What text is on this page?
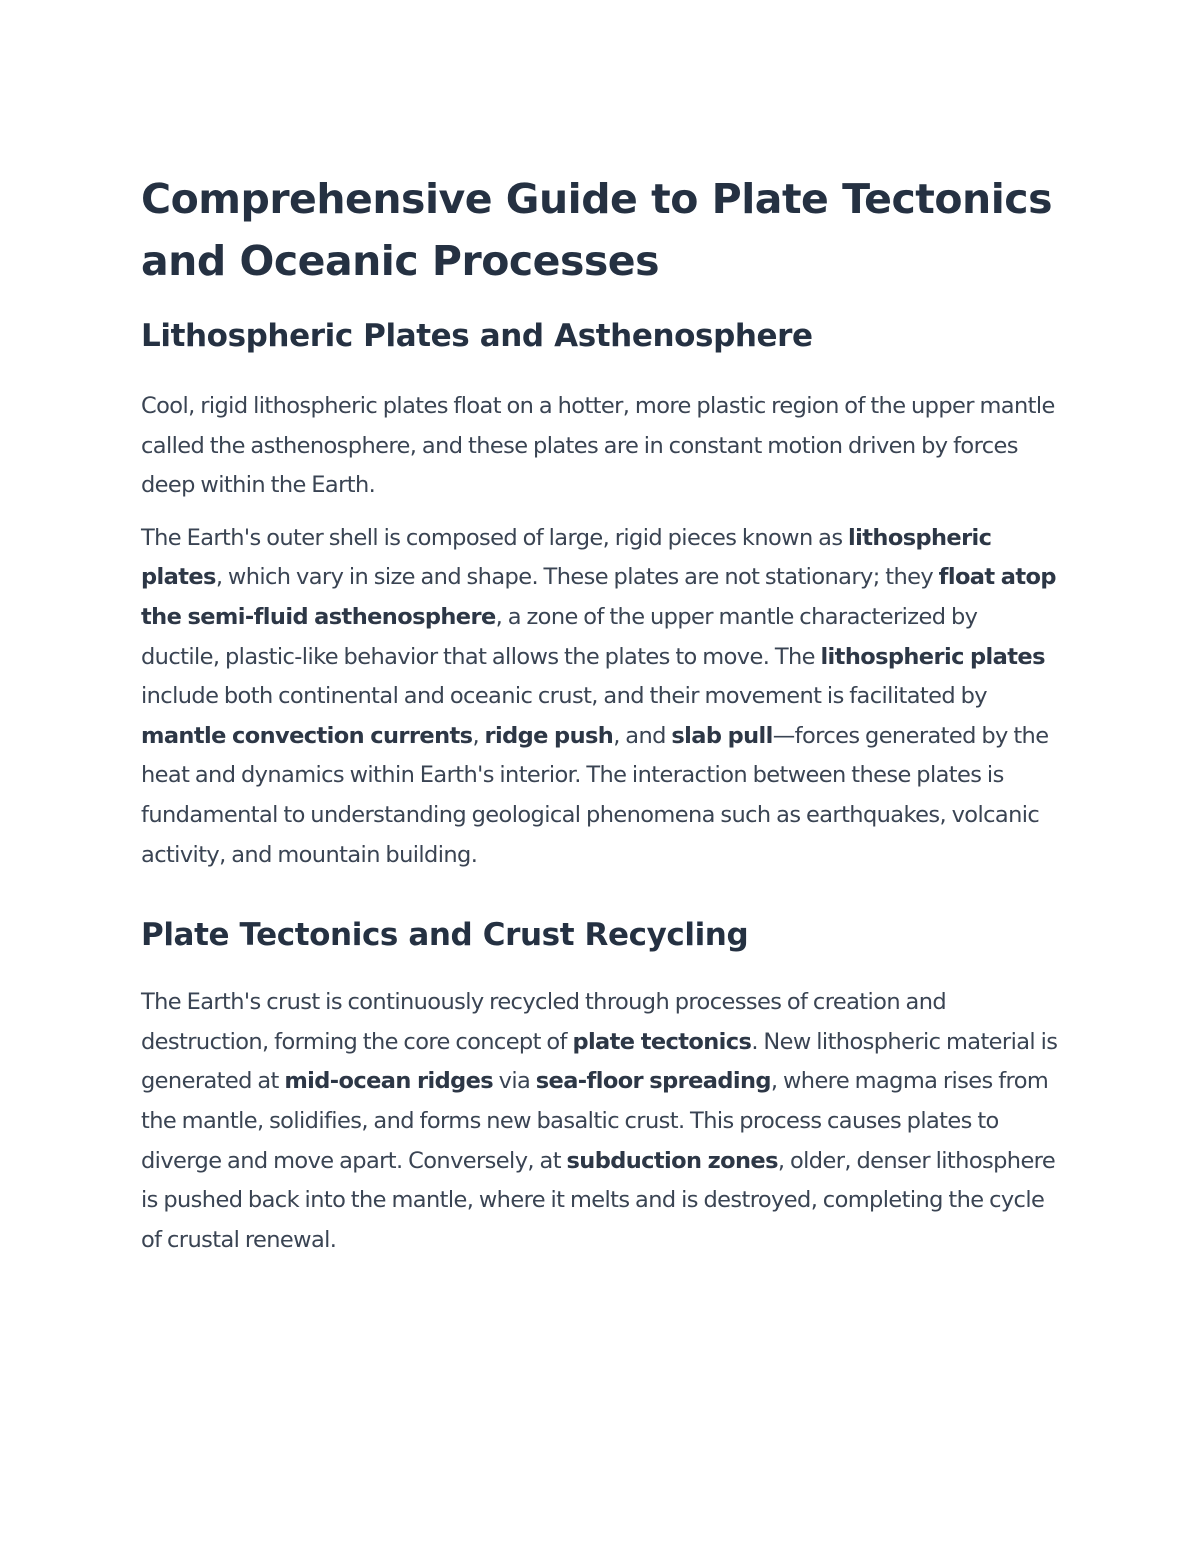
Comprehensive Guide to Plate Tectonics and Oceanic Processes
Lithospheric Plates and Asthenosphere

Cool, rigid lithospheric plates float on a hotter, more plastic region of the upper mantle called the asthenosphere, and these plates are in constant motion driven by forces deep within the Earth.

The Earth's outer shell is composed of large, rigid pieces known as lithospheric plates, which vary in size and shape. These plates are not stationary; they float atop the semi-fluid asthenosphere, a zone of the upper mantle characterized by ductile, plastic-like behavior that allows the plates to move. The lithospheric plates include both continental and oceanic crust, and their movement is facilitated by mantle convection currents, ridge push, and slab pull—forces generated by the heat and dynamics within Earth's interior. The interaction between these plates is fundamental to understanding geological phenomena such as earthquakes, volcanic activity, and mountain building.

Plate Tectonics and Crust Recycling

The Earth's crust is continuously recycled through processes of creation and destruction, forming the core concept of plate tectonics. New lithospheric material is generated at mid-ocean ridges via sea-floor spreading, where magma rises from the mantle, solidifies, and forms new basaltic crust. This process causes plates to diverge and move apart. Conversely, at subduction zones, older, denser lithosphere is pushed back into the mantle, where it melts and is destroyed, completing the cycle of crustal renewal.
